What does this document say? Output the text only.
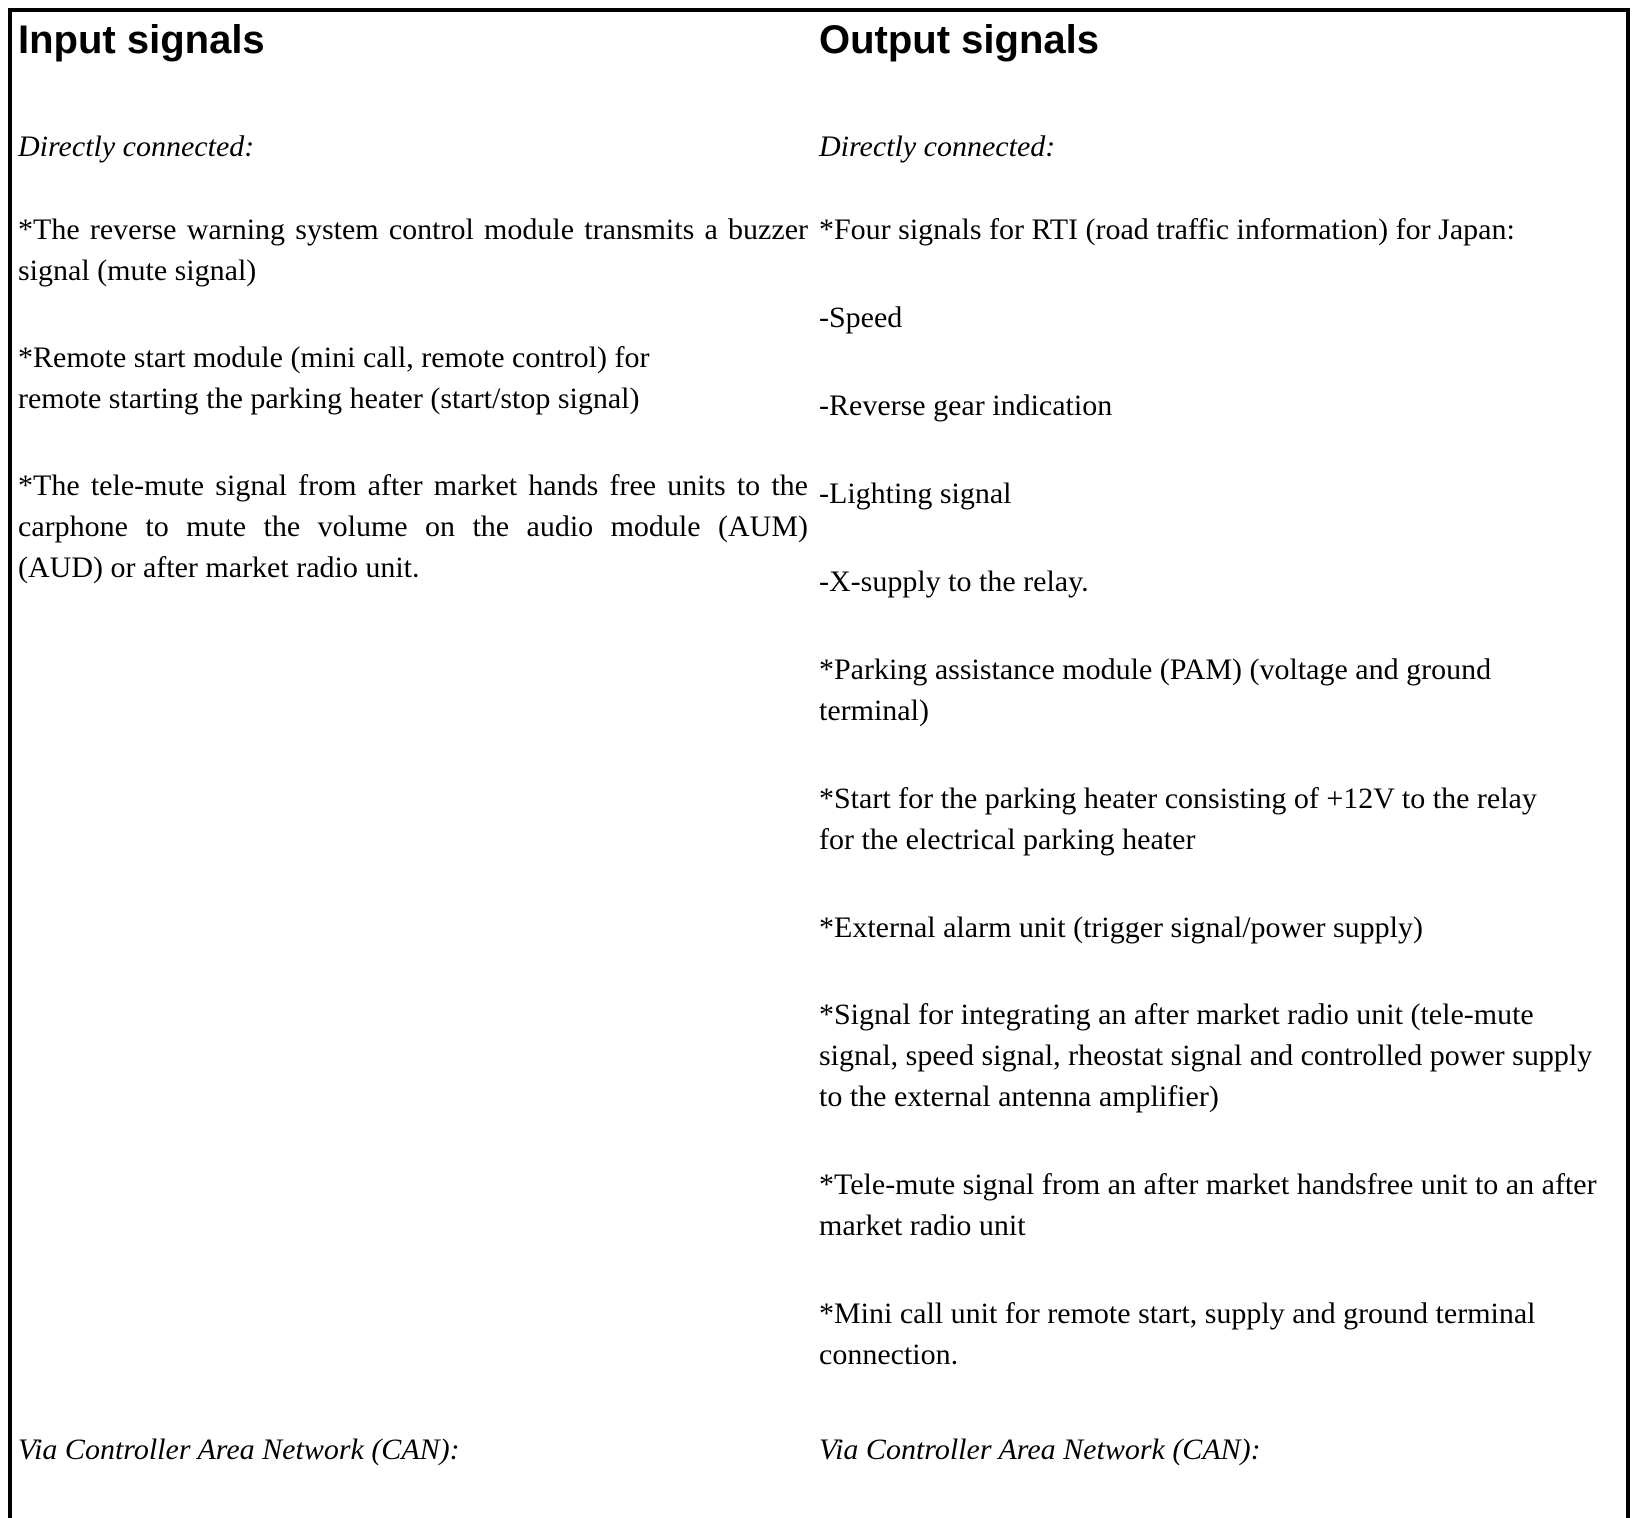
Input signals

Directly connected:

*The reverse warning system control module transmits a buzzer signal (mute signal)

*Remote start module (mini call, remote control) for remote starting the parking heater (start/stop signal)

*The tele-mute signal from after market hands free units to the carphone to mute the volume on the audio module (AUM) (AUD) or after market radio unit.

Via Controller Area Network (CAN):

Output signals

Directly connected:

*Four signals for RTI (road traffic information) for Japan:

-Speed

-Reverse gear indication

-Lighting signal

-X-supply to the relay.

*Parking assistance module (PAM) (voltage and ground terminal)

*Start for the parking heater consisting of +12V to the relay for the electrical parking heater

*External alarm unit (trigger signal/power supply)

*Signal for integrating an after market radio unit (tele-mute signal, speed signal, rheostat signal and controlled power supply to the external antenna amplifier)

*Tele-mute signal from an after market handsfree unit to an after market radio unit

*Mini call unit for remote start, supply and ground terminal connection.

Via Controller Area Network (CAN):
